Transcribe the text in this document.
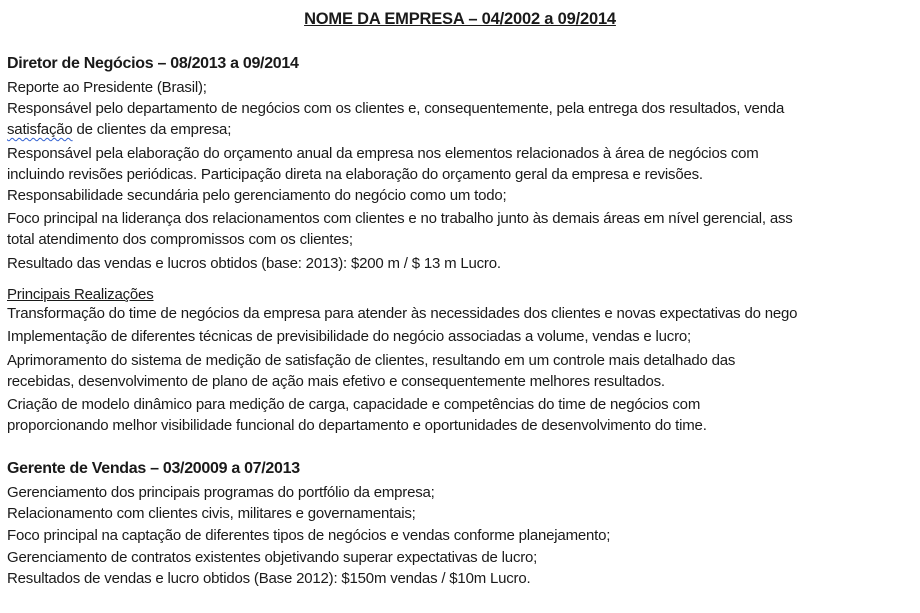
NOME DA EMPRESA – 04/2002 a 09/2014
Diretor de Negócios – 08/2013 a 09/2014
Reporte ao Presidente (Brasil);
Responsável pelo departamento de negócios com os clientes e, consequentemente, pela entrega dos resultados, venda
satisfação de clientes da empresa;
Responsável pela elaboração do orçamento anual da empresa nos elementos relacionados à área de negócios com
incluindo revisões periódicas. Participação direta na elaboração do orçamento geral da empresa e revisões.
Responsabilidade secundária pelo gerenciamento do negócio como um todo;
Foco principal na liderança dos relacionamentos com clientes e no trabalho junto às demais áreas em nível gerencial, ass
total atendimento dos compromissos com os clientes;
Resultado das vendas e lucros obtidos (base: 2013): $200 m / $ 13 m Lucro.
Principais Realizações
Transformação do time de negócios da empresa para atender às necessidades dos clientes e novas expectativas do nego
Implementação de diferentes técnicas de previsibilidade do negócio associadas a volume, vendas e lucro;
Aprimoramento do sistema de medição de satisfação de clientes, resultando em um controle mais detalhado das
recebidas, desenvolvimento de plano de ação mais efetivo e consequentemente melhores resultados.
Criação de modelo dinâmico para medição de carga, capacidade e competências do time de negócios com
proporcionando melhor visibilidade funcional do departamento e oportunidades de desenvolvimento do time.
Gerente de Vendas – 03/20009 a 07/2013
Gerenciamento dos principais programas do portfólio da empresa;
Relacionamento com clientes civis, militares e governamentais;
Foco principal na captação de diferentes tipos de negócios e vendas conforme planejamento;
Gerenciamento de contratos existentes objetivando superar expectativas de lucro;
Resultados de vendas e lucro obtidos (Base 2012): $150m vendas / $10m Lucro.
